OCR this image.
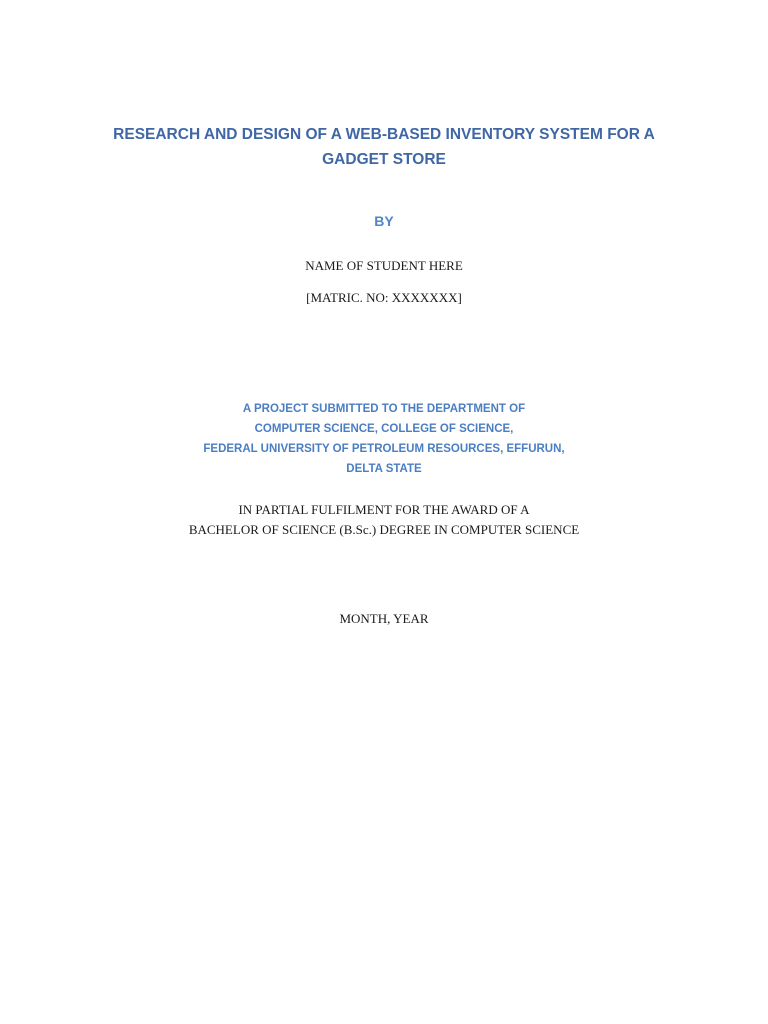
RESEARCH AND DESIGN OF A WEB-BASED INVENTORY SYSTEM FOR A
GADGET STORE
BY
NAME OF STUDENT HERE
[MATRIC. NO: XXXXXXX]
A PROJECT SUBMITTED TO THE DEPARTMENT OF
COMPUTER SCIENCE, COLLEGE OF SCIENCE,
FEDERAL UNIVERSITY OF PETROLEUM RESOURCES, EFFURUN,
DELTA STATE
IN PARTIAL FULFILMENT FOR THE AWARD OF A
BACHELOR OF SCIENCE (B.Sc.) DEGREE IN COMPUTER SCIENCE
MONTH, YEAR
